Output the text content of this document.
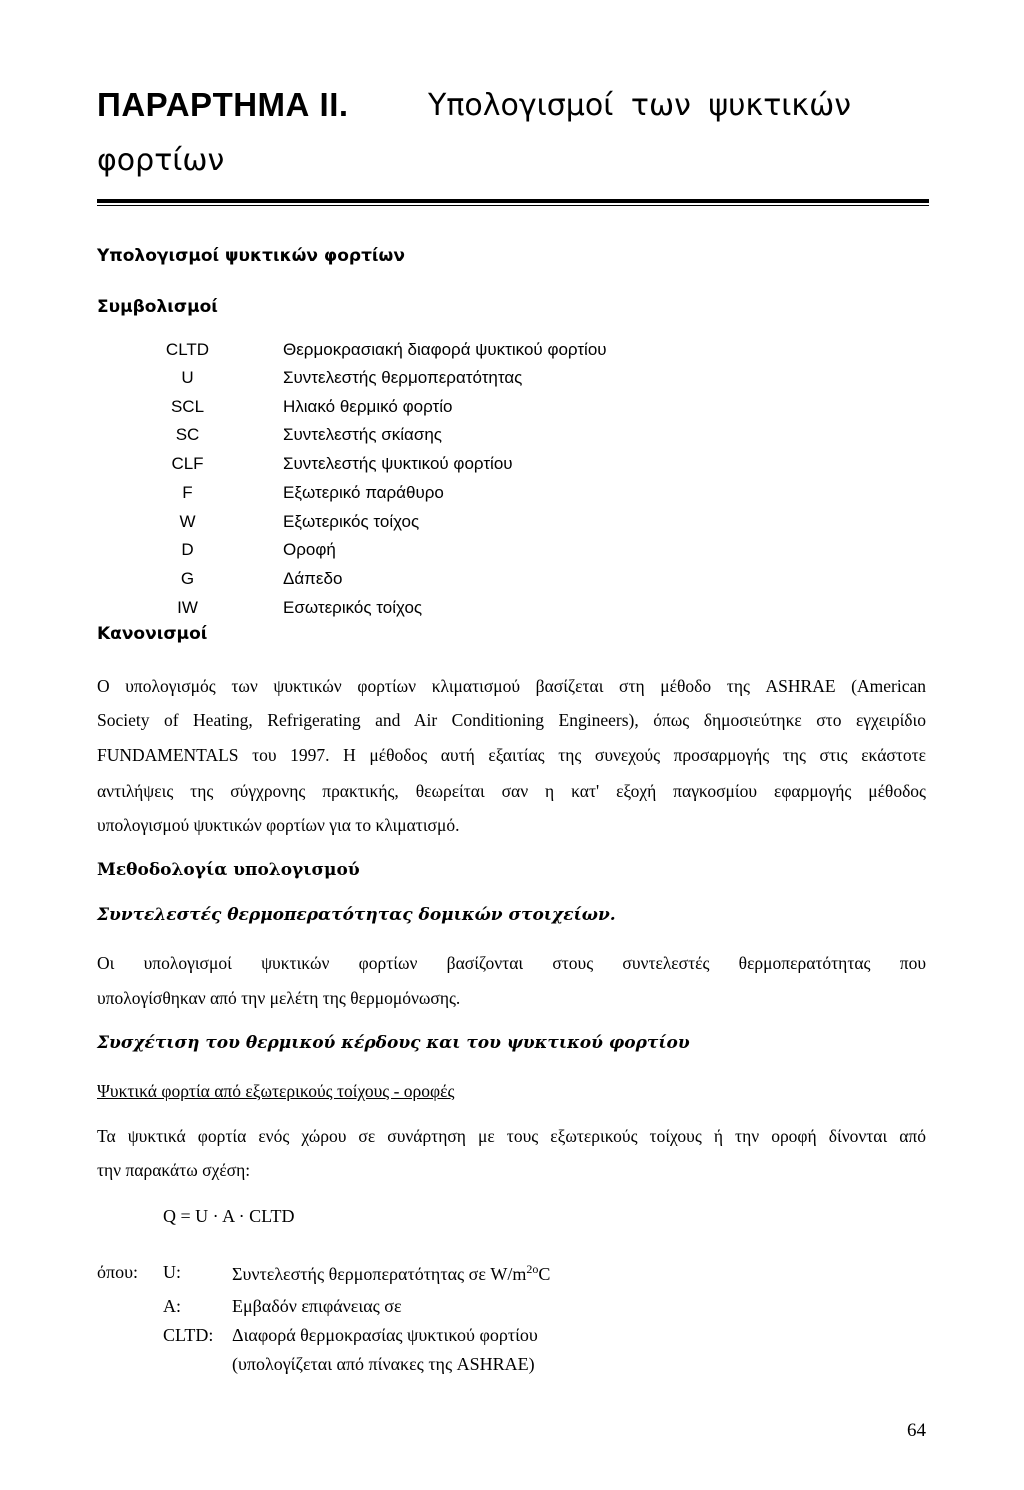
ΠΑΡΑΡΤΗΜΑ II.	Υπολογισμοί των ψυκτικών
φορτίων
Υπολογισμοί ψυκτικών φορτίων
Συμβολισμοί
CLTD	Θερμοκρασιακή διαφορά ψυκτικού φορτίου
U	Συντελεστής θερμοπερατότητας
SCL	Ηλιακό θερμικό φορτίο
SC	Συντελεστής σκίασης
CLF	Συντελεστής ψυκτικού φορτίου
F	Εξωτερικό παράθυρο
W	Εξωτερικός τοίχος
D	Οροφή
G	Δάπεδο
IW	Εσωτερικός τοίχος
Κανονισμοί
Ο υπολογισμός των ψυκτικών φορτίων κλιματισμού βασίζεται στη μέθοδο της ASHRAE (American
Society of Heating, Refrigerating and Air Conditioning Engineers), όπως δημοσιεύτηκε στο εγχειρίδιο
FUNDAMENTALS του 1997. Η μέθοδος αυτή εξαιτίας της συνεχούς προσαρμογής της στις εκάστοτε
αντιλήψεις της σύγχρονης πρακτικής, θεωρείται σαν η κατ' εξοχή παγκοσμίου εφαρμογής μέθοδος
υπολογισμού ψυκτικών φορτίων για το κλιματισμό.
Μεθοδολογία υπολογισμού
Συντελεστές θερμοπερατότητας δομικών στοιχείων.
Οι υπολογισμοί ψυκτικών φορτίων βασίζονται στους συντελεστές θερμοπερατότητας που
υπολογίσθηκαν από την μελέτη της θερμομόνωσης.
Συσχέτιση του θερμικού κέρδους και του ψυκτικού φορτίου
Ψυκτικά φορτία από εξωτερικούς τοίχους - οροφές
Τα ψυκτικά φορτία ενός χώρου σε συνάρτηση με τους εξωτερικούς τοίχους ή την οροφή δίνονται από
την παρακάτω σχέση:
Q = U · A · CLTD
όπου: U:	Συντελεστής θερμοπερατότητας σε $W/m^{2o}C$
A:	Εμβαδόν επιφάνειας σε
CLTD: Διαφορά θερμοκρασίας ψυκτικού φορτίου
(υπολογίζεται από πίνακες της ASHRAE)
64
